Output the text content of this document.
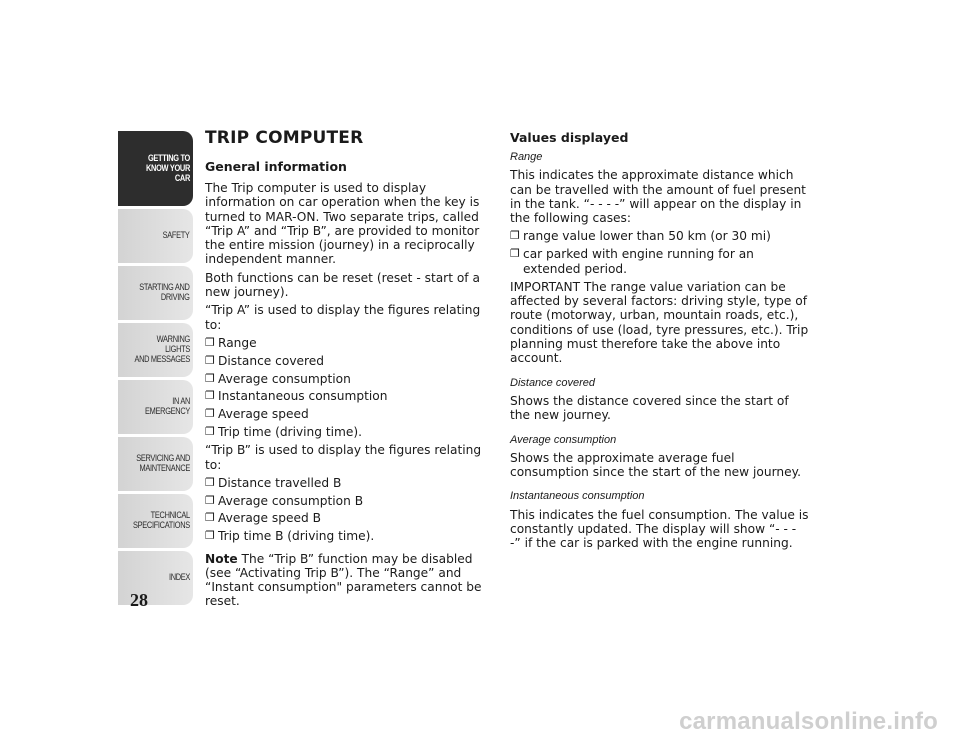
GETTING TO
KNOW YOUR CAR
SAFETY
STARTING AND
DRIVING
WARNING LIGHTS
AND MESSAGES
IN AN EMERGENCY
SERVICING AND
MAINTENANCE
TECHNICAL
SPECIFICATIONS
INDEX
28
TRIP COMPUTER
General information

The Trip computer is used to display information on car operation when the key is turned to MAR-ON. Two separate trips, called “Trip A” and “Trip B”, are provided to monitor the entire mission (journey) in a reciprocally independent manner.

Both functions can be reset (reset - start of a new journey).

“Trip A” is used to display the figures relating to:

❐ Range
❐ Distance covered
❐ Average consumption
❐ Instantaneous consumption
❐ Average speed
❐ Trip time (driving time).

“Trip B” is used to display the figures relating to:

❐ Distance travelled B
❐ Average consumption B
❐ Average speed B
❐ Trip time B (driving time).

Note The “Trip B” function may be disabled (see “Activating Trip B”). The “Range” and “Instant consumption" parameters cannot be reset.

Values displayed
Range

This indicates the approximate distance which can be travelled with the amount of fuel present in the tank. “- - - -” will appear on the display in the following cases:

❐ range value lower than 50 km (or 30 mi)
❐ car parked with engine running for an extended period.

IMPORTANT The range value variation can be affected by several factors: driving style, type of route (motorway, urban, mountain roads, etc.), conditions of use (load, tyre pressures, etc.). Trip planning must therefore take the above into account.

Distance covered

Shows the distance covered since the start of the new journey.

Average consumption

Shows the approximate average fuel consumption since the start of the new journey.

Instantaneous consumption

This indicates the fuel consumption. The value is constantly updated. The display will show “- - - -” if the car is parked with the engine running.

carmanualsonline.info
